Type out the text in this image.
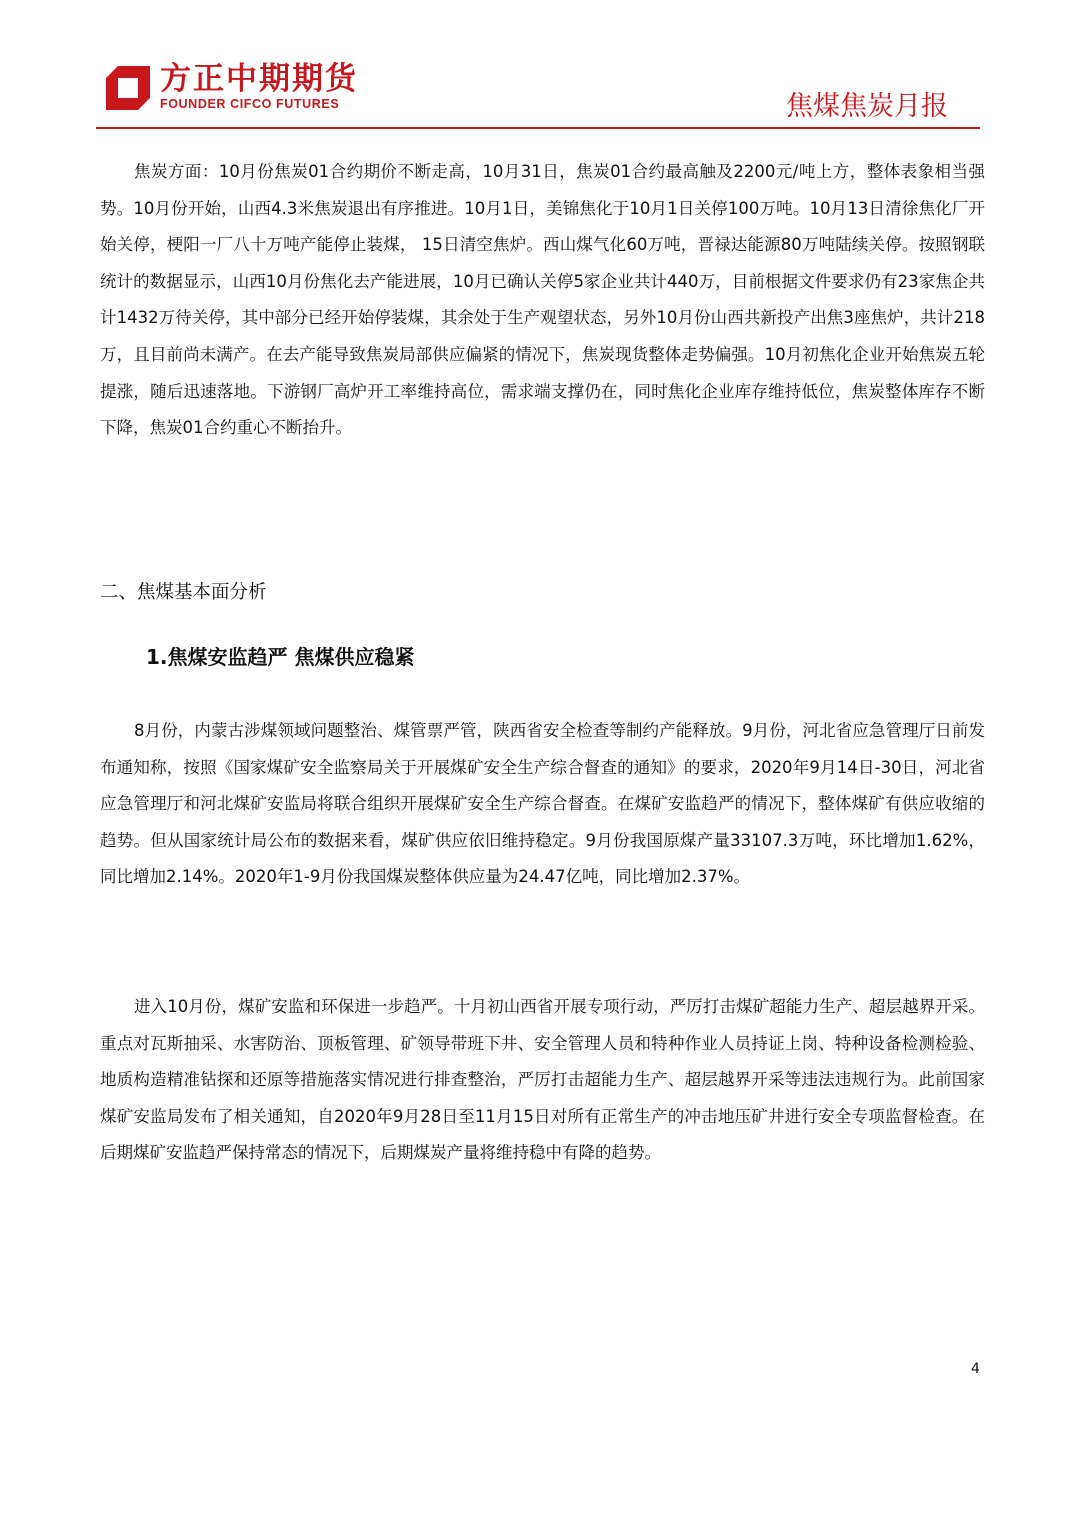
方正中期期货
FOUNDER CIFCO FUTURES	焦煤焦炭月报

焦炭方面：10月份焦炭01合约期价不断走高，10月31日，焦炭01合约最高触及2200元/吨上方，整体表象相当强势。10月份开始，山西4.3米焦炭退出有序推进。10月1日，美锦焦化于10月1日关停100万吨。10月13日清徐焦化厂开始关停，梗阳一厂八十万吨产能停止装煤， 15日清空焦炉。西山煤气化60万吨，晋禄达能源80万吨陆续关停。按照钢联统计的数据显示，山西10月份焦化去产能进展，10月已确认关停5家企业共计440万，目前根据文件要求仍有23家焦企共计1432万待关停，其中部分已经开始停装煤，其余处于生产观望状态，另外10月份山西共新投产出焦3座焦炉，共计218万，且目前尚未满产。在去产能导致焦炭局部供应偏紧的情况下，焦炭现货整体走势偏强。10月初焦化企业开始焦炭五轮提涨，随后迅速落地。下游钢厂高炉开工率维持高位，需求端支撑仍在，同时焦化企业库存维持低位，焦炭整体库存不断下降，焦炭01合约重心不断抬升。

二、焦煤基本面分析
1.焦煤安监趋严 焦煤供应稳紧

8月份，内蒙古涉煤领域问题整治、煤管票严管，陕西省安全检查等制约产能释放。9月份，河北省应急管理厅日前发布通知称，按照《国家煤矿安全监察局关于开展煤矿安全生产综合督查的通知》的要求，2020年9月14日-30日，河北省应急管理厅和河北煤矿安监局将联合组织开展煤矿安全生产综合督查。在煤矿安监趋严的情况下，整体煤矿有供应收缩的趋势。但从国家统计局公布的数据来看，煤矿供应依旧维持稳定。9月份我国原煤产量33107.3万吨，环比增加1.62%，同比增加2.14%。2020年1-9月份我国煤炭整体供应量为24.47亿吨，同比增加2.37%。

进入10月份，煤矿安监和环保进一步趋严。十月初山西省开展专项行动，严厉打击煤矿超能力生产、超层越界开采。重点对瓦斯抽采、水害防治、顶板管理、矿领导带班下井、安全管理人员和特种作业人员持证上岗、特种设备检测检验、地质构造精准钻探和还原等措施落实情况进行排查整治，严厉打击超能力生产、超层越界开采等违法违规行为。此前国家煤矿安监局发布了相关通知，自2020年9月28日至11月15日对所有正常生产的冲击地压矿井进行安全专项监督检查。在后期煤矿安监趋严保持常态的情况下，后期煤炭产量将维持稳中有降的趋势。

4
